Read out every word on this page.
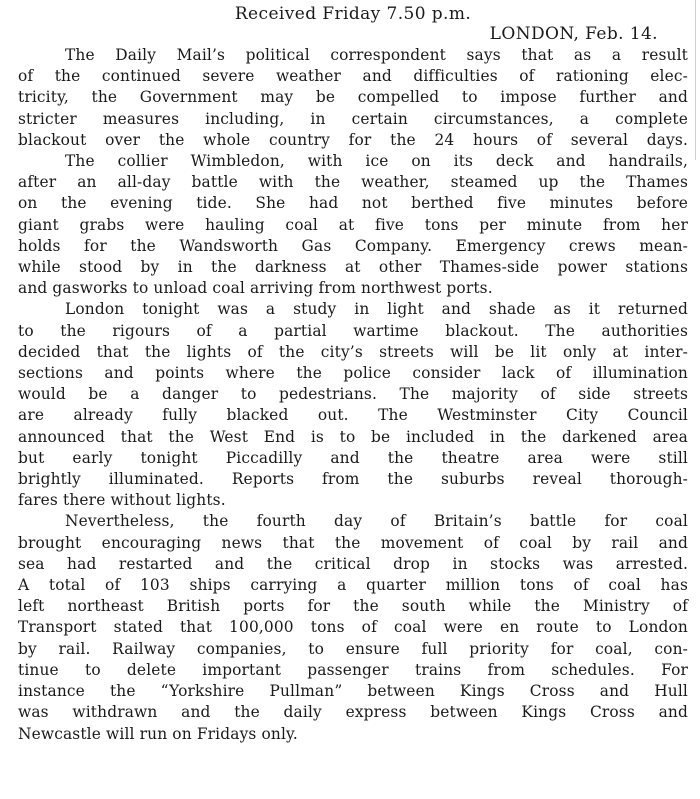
Received Friday 7.50 p.m.

LONDON, Feb. 14.

The Daily Mail’s political correspondent says that as a result
of the continued severe weather and difficulties of rationing elec-
tricity, the Government may be compelled to impose further and
stricter measures including, in certain circumstances, a complete
blackout over the whole country for the 24 hours of several days.
The collier Wimbledon, with ice on its deck and handrails,
after an all-day battle with the weather, steamed up the Thames
on the evening tide. She had not berthed five minutes before
giant grabs were hauling coal at five tons per minute from her
holds for the Wandsworth Gas Company. Emergency crews mean-
while stood by in the darkness at other Thames-side power stations
and gasworks to unload coal arriving from northwest ports.
London tonight was a study in light and shade as it returned
to the rigours of a partial wartime blackout. The authorities
decided that the lights of the city’s streets will be lit only at inter-
sections and points where the police consider lack of illumination
would be a danger to pedestrians. The majority of side streets
are already fully blacked out. The Westminster City Council
announced that the West End is to be included in the darkened area
but early tonight Piccadilly and the theatre area were still
brightly illuminated. Reports from the suburbs reveal thorough-
fares there without lights.
Nevertheless, the fourth day of Britain’s battle for coal
brought encouraging news that the movement of coal by rail and
sea had restarted and the critical drop in stocks was arrested.
A total of 103 ships carrying a quarter million tons of coal has
left northeast British ports for the south while the Ministry of
Transport stated that 100,000 tons of coal were en route to London
by rail. Railway companies, to ensure full priority for coal, con-
tinue to delete important passenger trains from schedules. For
instance the “Yorkshire Pullman” between Kings Cross and Hull
was withdrawn and the daily express between Kings Cross and
Newcastle will run on Fridays only.
